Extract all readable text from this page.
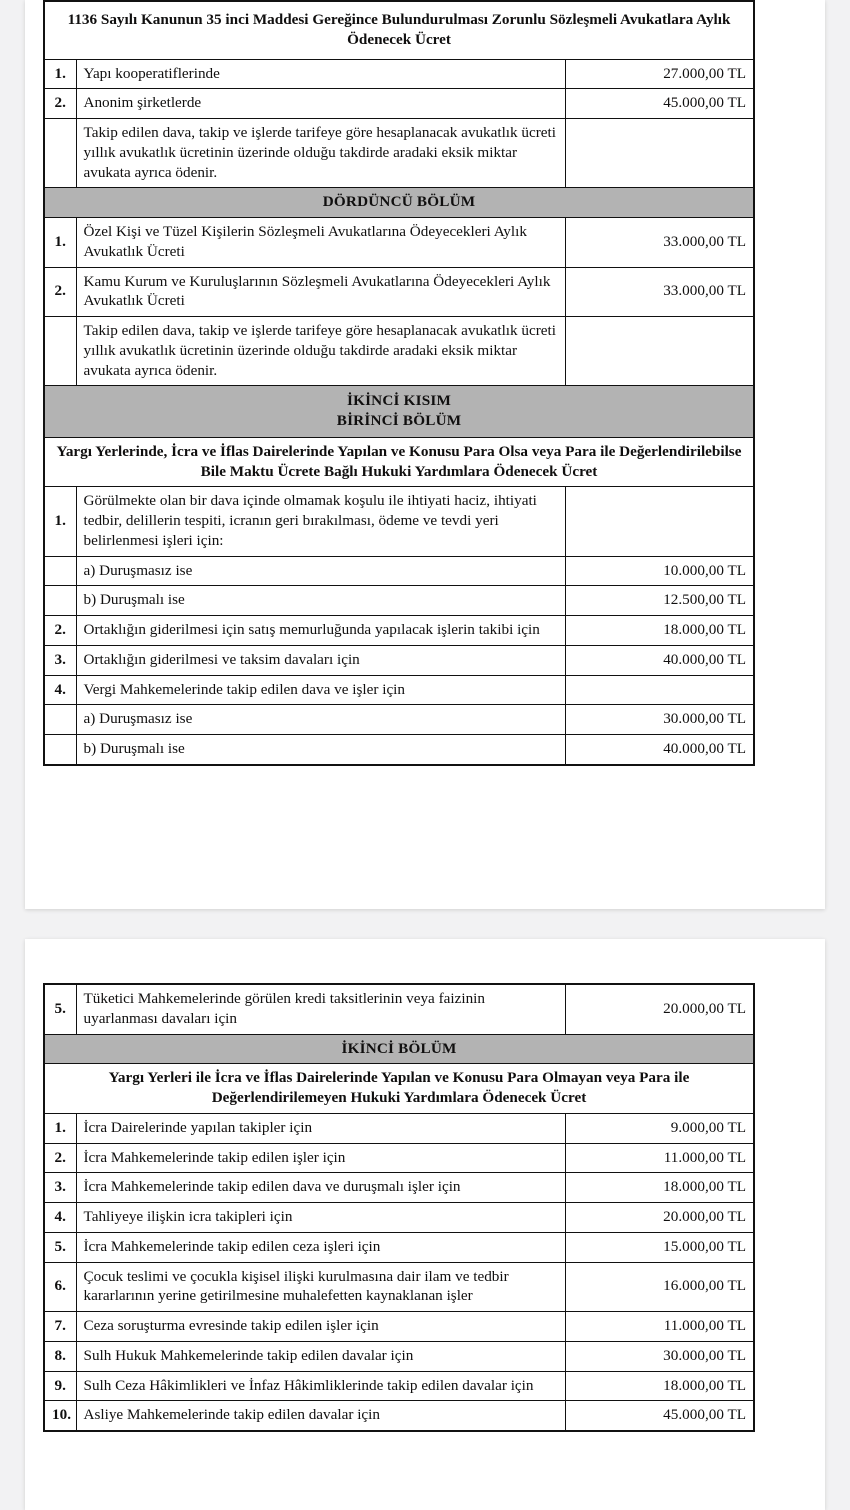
1136 Sayılı Kanunun 35 inci Maddesi Gereğince Bulundurulması Zorunlu Sözleşmeli Avukatlara Aylık Ödenecek Ücret		
1.	Yapı kooperatiflerinde	27.000,00 TL
2.	Anonim şirketlerde	45.000,00 TL
	Takip edilen dava, takip ve işlerde tarifeye göre hesaplanacak avukatlık ücreti yıllık avukatlık ücretinin üzerinde olduğu takdirde aradaki eksik miktar avukata ayrıca ödenir.	
DÖRDÜNCÜ BÖLÜM		
1.	Özel Kişi ve Tüzel Kişilerin Sözleşmeli Avukatlarına Ödeyecekleri Aylık Avukatlık Ücreti	33.000,00 TL
2.	Kamu Kurum ve Kuruluşlarının Sözleşmeli Avukatlarına Ödeyecekleri Aylık Avukatlık Ücreti	33.000,00 TL
	Takip edilen dava, takip ve işlerde tarifeye göre hesaplanacak avukatlık ücreti yıllık avukatlık ücretinin üzerinde olduğu takdirde aradaki eksik miktar avukata ayrıca ödenir.	

İKİNCİ KISIM
BİRİNCİ BÖLÜM		

Yargı Yerlerinde, İcra ve İflas Dairelerinde Yapılan ve Konusu Para Olsa veya Para ile Değerlendirilebilse Bile Maktu Ücrete Bağlı Hukuki Yardımlara Ödenecek Ücret		
1.	Görülmekte olan bir dava içinde olmamak koşulu ile ihtiyati haciz, ihtiyati tedbir, delillerin tespiti, icranın geri bırakılması, ödeme ve tevdi yeri belirlenmesi işleri için:	
	a) Duruşmasız ise	10.000,00 TL
	b) Duruşmalı ise	12.500,00 TL
2.	Ortaklığın giderilmesi için satış memurluğunda yapılacak işlerin takibi için	18.000,00 TL
3.	Ortaklığın giderilmesi ve taksim davaları için	40.000,00 TL
4.	Vergi Mahkemelerinde takip edilen dava ve işler için	
	a) Duruşmasız ise	30.000,00 TL
	b) Duruşmalı ise	40.000,00 TL
5.	Tüketici Mahkemelerinde görülen kredi taksitlerinin veya faizinin uyarlanması davaları için	20.000,00 TL
İKİNCİ BÖLÜM		
Yargı Yerleri ile İcra ve İflas Dairelerinde Yapılan ve Konusu Para Olmayan veya Para ile Değerlendirilemeyen Hukuki Yardımlara Ödenecek Ücret		
1.	İcra Dairelerinde yapılan takipler için	9.000,00 TL
2.	İcra Mahkemelerinde takip edilen işler için	11.000,00 TL
3.	İcra Mahkemelerinde takip edilen dava ve duruşmalı işler için	18.000,00 TL
4.	Tahliyeye ilişkin icra takipleri için	20.000,00 TL
5.	İcra Mahkemelerinde takip edilen ceza işleri için	15.000,00 TL
6.	Çocuk teslimi ve çocukla kişisel ilişki kurulmasına dair ilam ve tedbir kararlarının yerine getirilmesine muhalefetten kaynaklanan işler	16.000,00 TL
7.	Ceza soruşturma evresinde takip edilen işler için	11.000,00 TL
8.	Sulh Hukuk Mahkemelerinde takip edilen davalar için	30.000,00 TL
9.	Sulh Ceza Hâkimlikleri ve İnfaz Hâkimliklerinde takip edilen davalar için	18.000,00 TL
10.	Asliye Mahkemelerinde takip edilen davalar için	45.000,00 TL
